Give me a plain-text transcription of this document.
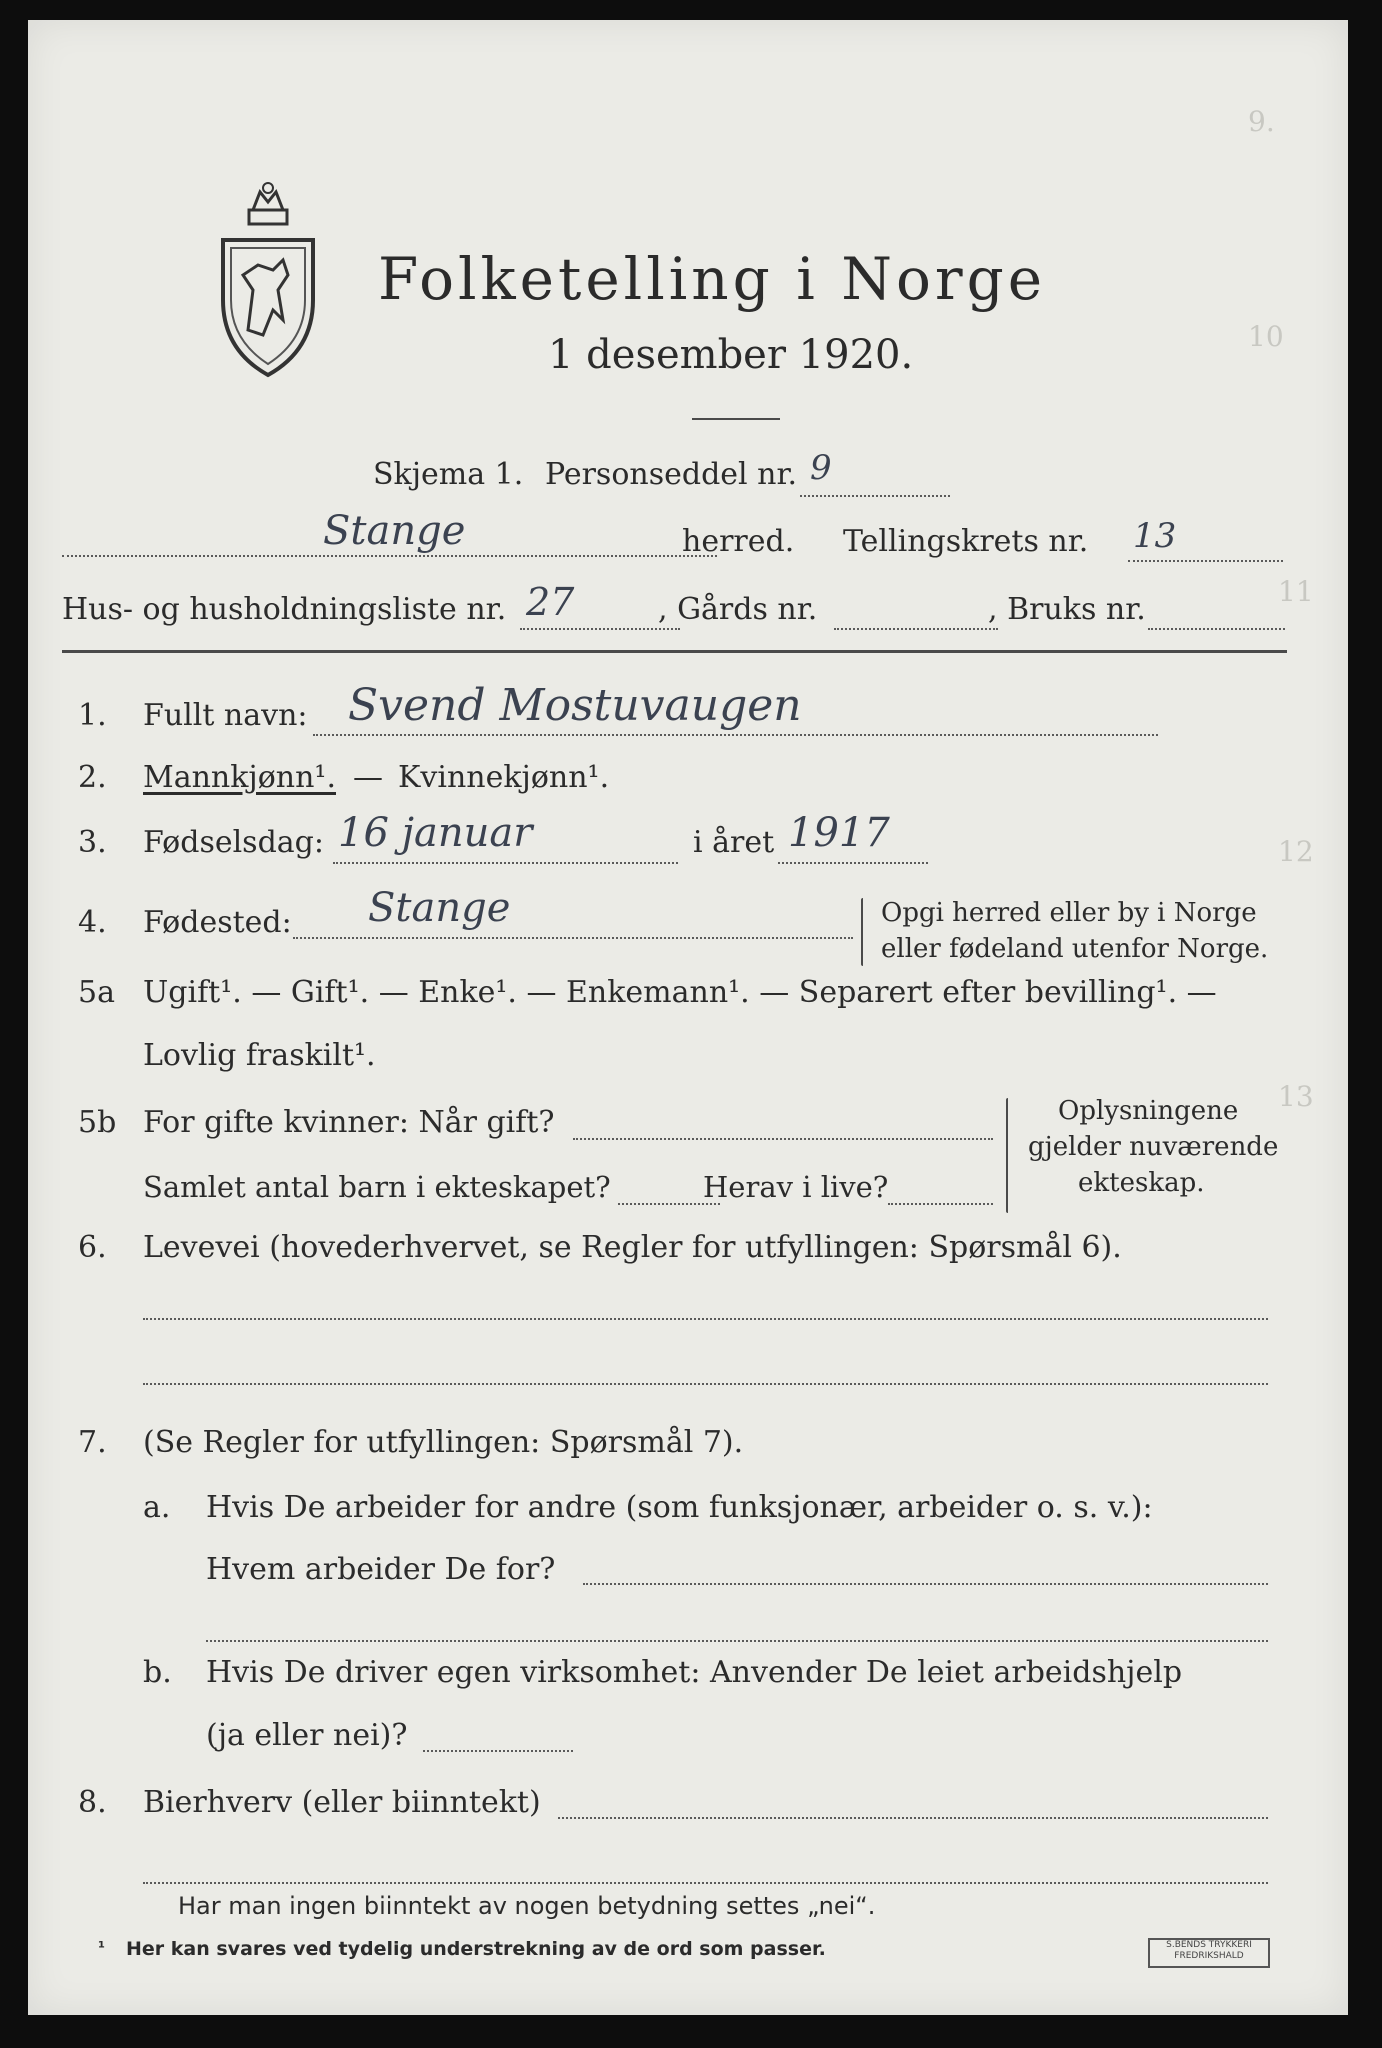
9.
10
11
12
13
Folketelling i Norge
1 desember 1920.
Skjema 1. Personseddel nr. 9
Stange	herred. Tellingskrets nr. 13
Hus- og husholdningsliste nr. 27	, Gårds nr.	, Bruks nr.
1. Fullt navn: Svend Mostuvaugen
2. Mannkjønn¹. — Kvinnekjønn¹.
3. Fødselsdag: 16 januar	i året 1917
4. Fødested: Stange	Opgi herred eller by i Norge
eller fødeland utenfor Norge.
5a Ugift¹. — Gift¹. — Enke¹. — Enkemann¹. — Separert efter bevilling¹. —
Lovlig fraskilt¹.
5b For gifte kvinner: Når gift?
Samlet antal barn i ekteskapet?	Herav i live?
Oplysningene
gjelder nuværende
ekteskap.
6. Levevei (hovederhvervet, se Regler for utfyllingen: Spørsmål 6).
7. (Se Regler for utfyllingen: Spørsmål 7).
a. Hvis De arbeider for andre (som funksjonær, arbeider o. s. v.):
Hvem arbeider De for?
b. Hvis De driver egen virksomhet: Anvender De leiet arbeidshjelp
(ja eller nei)?
8. Bierhverv (eller biinntekt)
Har man ingen biinntekt av nogen betydning settes „nei“.
¹ Her kan svares ved tydelig understrekning av de ord som passer.	S.BENDS TRYKKERI
FREDRIKSHALD
